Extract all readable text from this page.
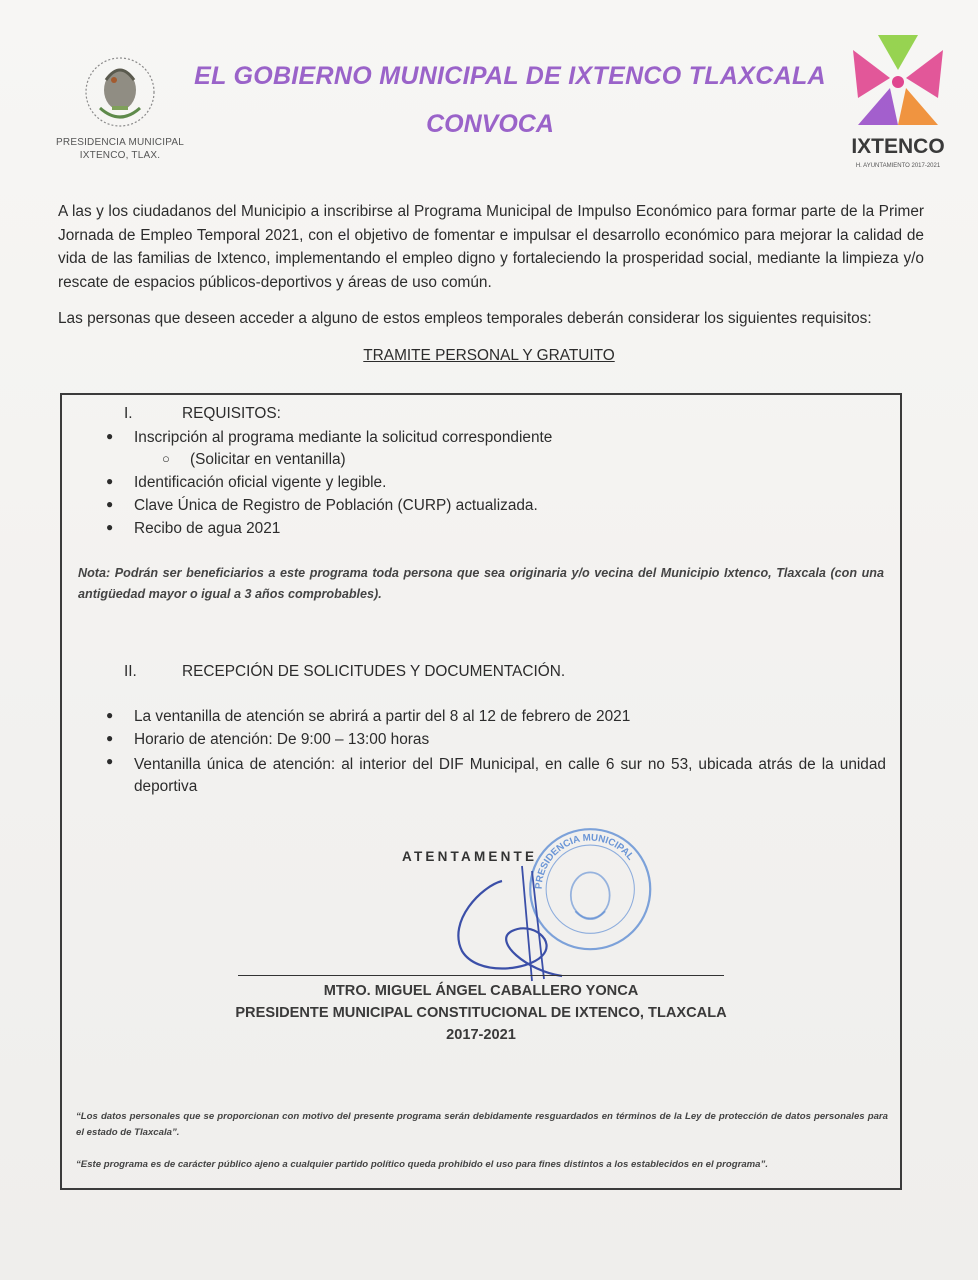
PRESIDENCIA MUNICIPAL
IXTENCO, TLAX.
EL GOBIERNO MUNICIPAL DE IXTENCO TLAXCALA
CONVOCA
IXTENCO
H. AYUNTAMIENTO 2017-2021
A las y los ciudadanos del Municipio a inscribirse al Programa Municipal de Impulso Económico para formar parte de la Primer Jornada de Empleo Temporal 2021, con el objetivo de fomentar e impulsar el desarrollo económico para mejorar la calidad de vida de las familias de Ixtenco, implementando el empleo digno y fortaleciendo la prosperidad social, mediante la limpieza y/o rescate de espacios públicos-deportivos y áreas de uso común.
Las personas que deseen acceder a alguno de estos empleos temporales deberán considerar los siguientes requisitos:
TRAMITE PERSONAL Y GRATUITO
I.	REQUISITOS:
● Inscripción al programa mediante la solicitud correspondiente
○ (Solicitar en ventanilla)
● Identificación oficial vigente y legible.
● Clave Única de Registro de Población (CURP) actualizada.
● Recibo de agua 2021
Nota: Podrán ser beneficiarios a este programa toda persona que sea originaria y/o vecina del Municipio Ixtenco, Tlaxcala (con una antigüedad mayor o igual a 3 años comprobables).
II.	RECEPCIÓN DE SOLICITUDES Y DOCUMENTACIÓN.
● La ventanilla de atención se abrirá a partir del 8 al 12 de febrero de 2021
● Horario de atención: De 9:00 – 13:00 horas
● Ventanilla única de atención: al interior del DIF Municipal, en calle 6 sur no 53, ubicada atrás de la unidad deportiva
PRESIDENCIA MUNICIPAL
ATENTAMENTE
MTRO. MIGUEL ÁNGEL CABALLERO YONCA
PRESIDENTE MUNICIPAL CONSTITUCIONAL DE IXTENCO, TLAXCALA
2017-2021
“Los datos personales que se proporcionan con motivo del presente programa serán debidamente resguardados en términos de la Ley de protección de datos personales para el estado de Tlaxcala”.
“Este programa es de carácter público ajeno a cualquier partido político queda prohibido el uso para fines distintos a los establecidos en el programa”.
